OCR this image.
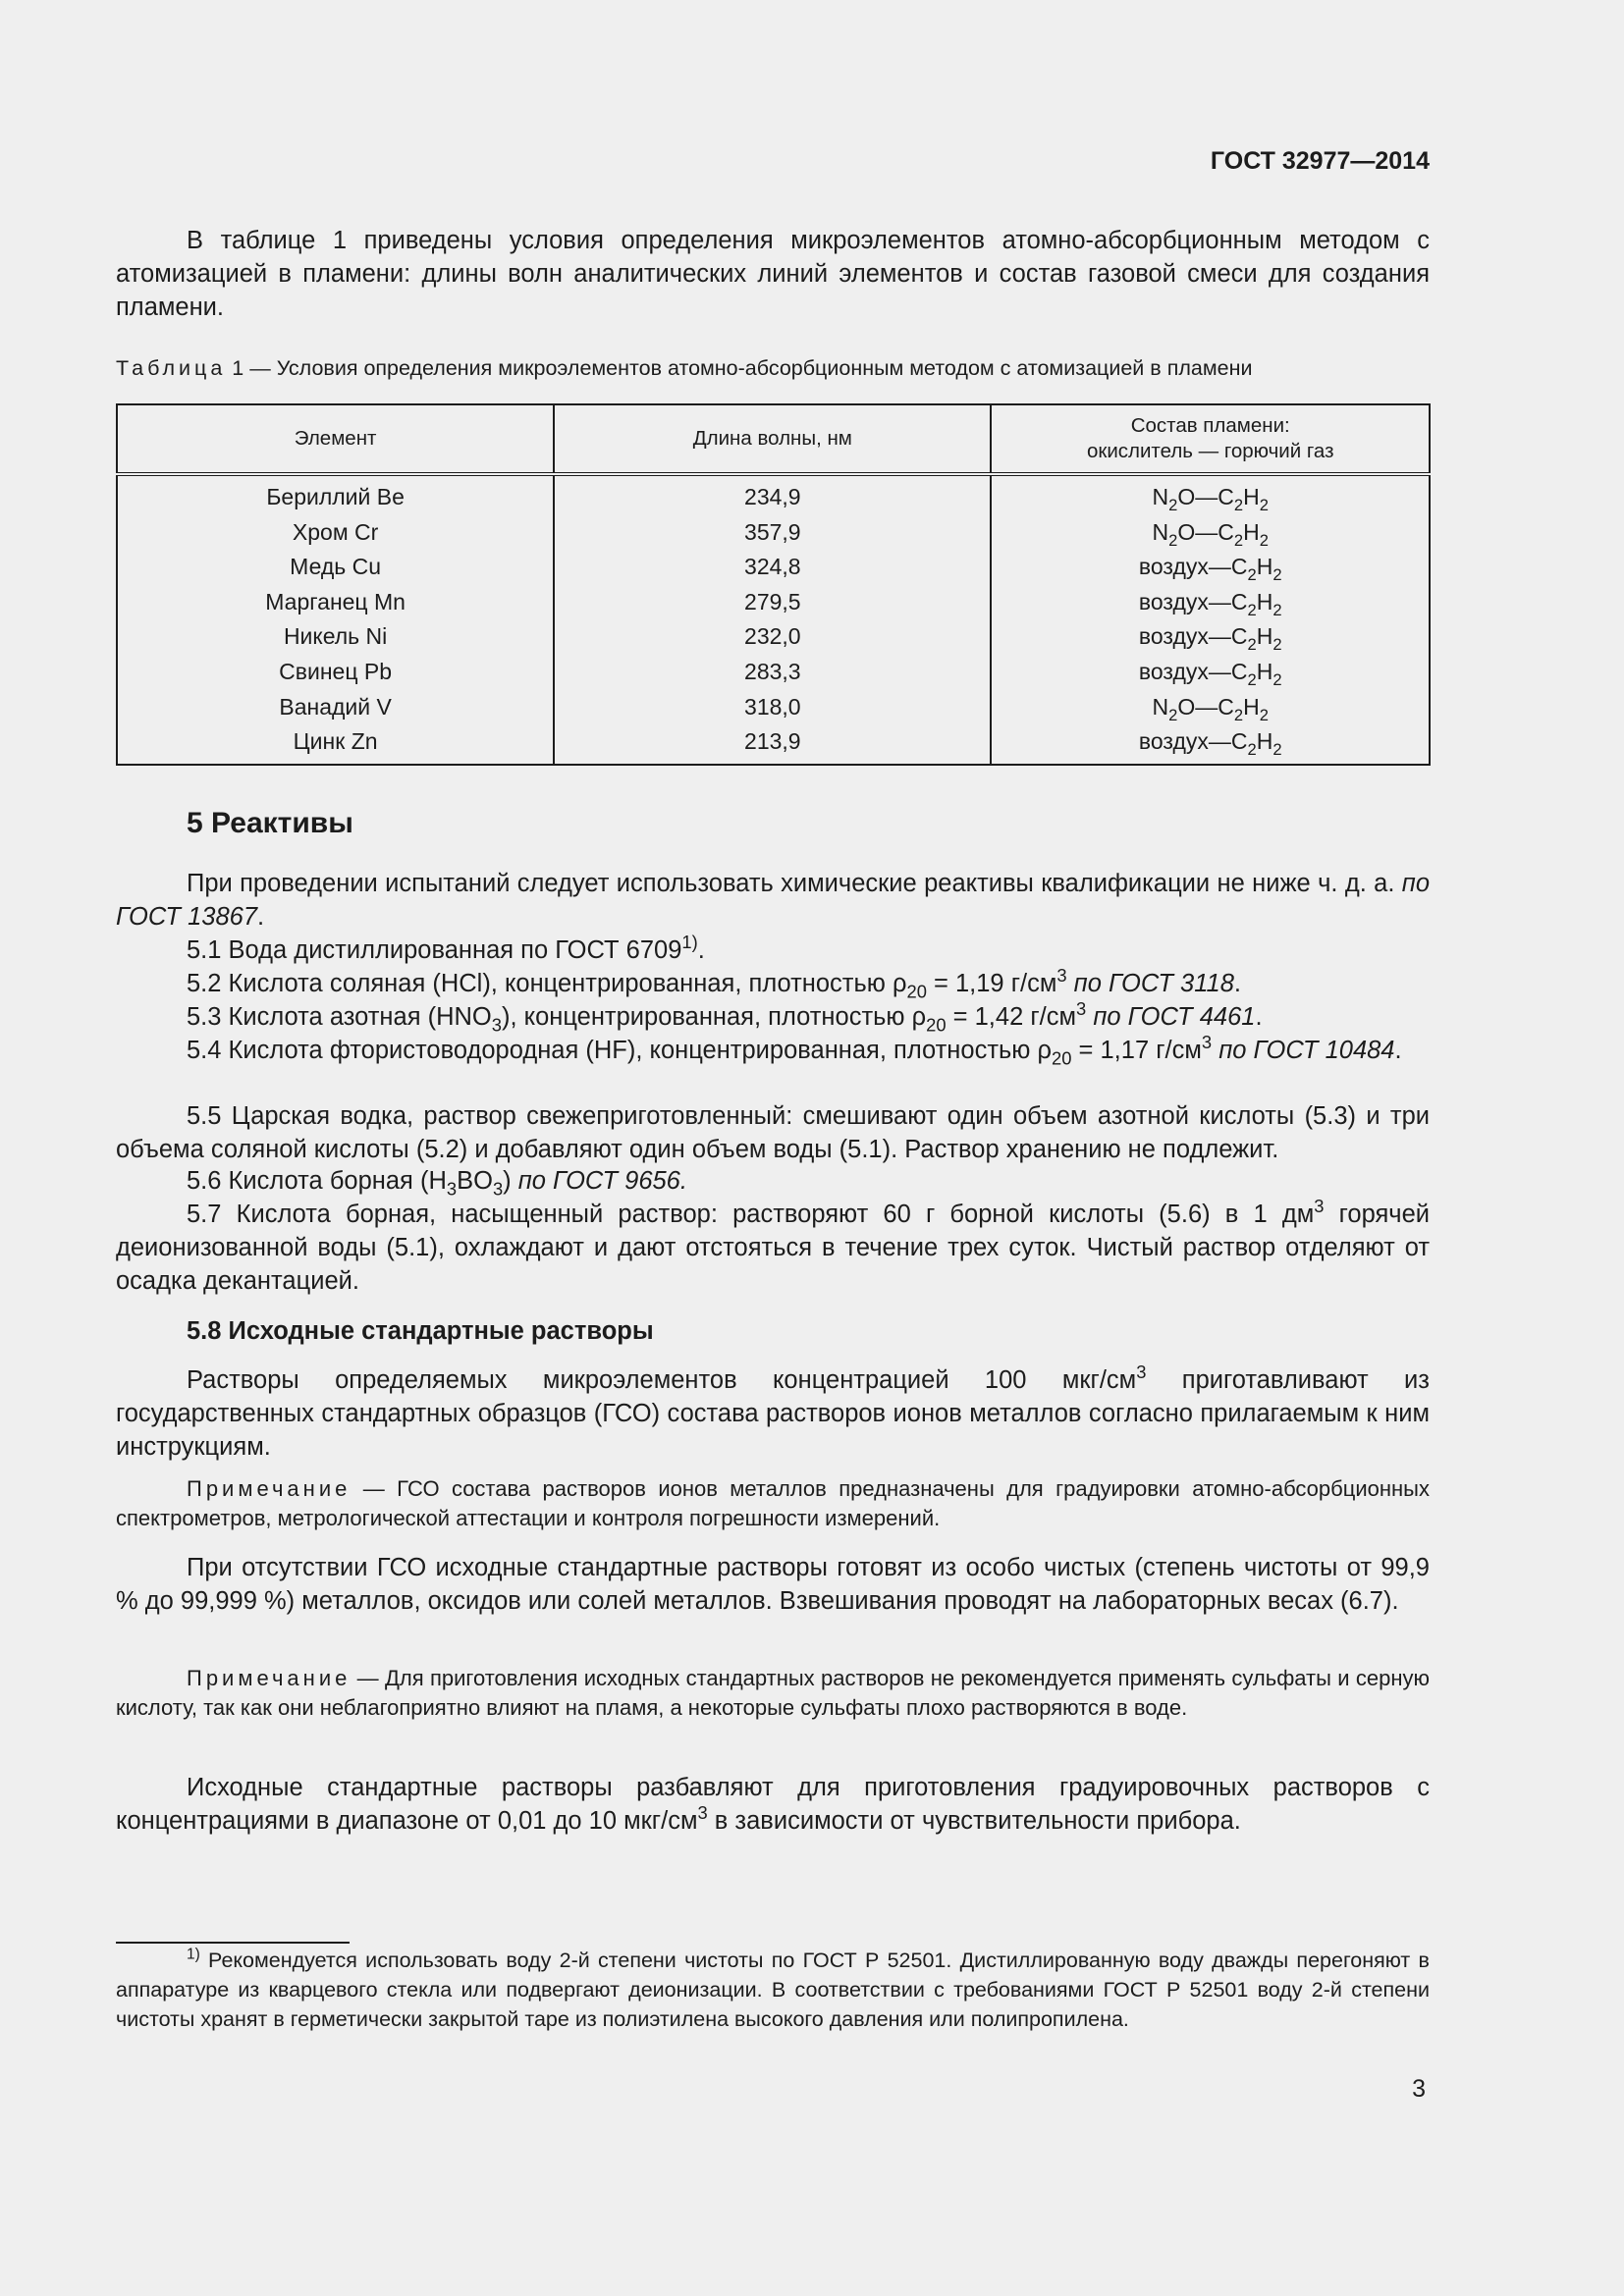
ГОСТ 32977—2014

В таблице 1 приведены условия определения микроэлементов атомно-абсорбционным методом с атомизацией в пламени: длины волн аналитических линий элементов и состав газовой смеси для создания пламени.

Таблица 1 — Условия определения микроэлементов атомно-абсорбционным методом с атомизацией в пламени
Элемент	Длина волны, нм	Состав пламени:
окислитель — горючий газ
Бериллий Be	234,9	$N_2O—C_2H_2$
Хром Cr	357,9	$N_2O—C_2H_2$
Медь Cu	324,8	$воздух—C_2H_2$
Марганец Mn	279,5	$воздух—C_2H_2$
Никель Ni	232,0	$воздух—C_2H_2$
Свинец Pb	283,3	$воздух—C_2H_2$
Ванадий V	318,0	$N_2O—C_2H_2$
Цинк Zn	213,9	$воздух—C_2H_2$
5 Реактивы

При проведении испытаний следует использовать химические реактивы квалификации не ниже ч. д. а. по ГОСТ 13867.

5.1 Вода дистиллированная по ГОСТ 6709$^{1)}$.

5.2 Кислота соляная (HCl), концентрированная, плотностью $\rho_{20} = 1,19$ $г/см^3$ по ГОСТ 3118.

5.3 Кислота азотная $(HNO_3)$, концентрированная, плотностью $\rho_{20} = 1,42$ $г/см^3$ по ГОСТ 4461.

5.4 Кислота фтористоводородная (HF), концентрированная, плотностью $\rho_{20} = 1,17$ $г/см^3$ по ГОСТ 10484.

5.5 Царская водка, раствор свежеприготовленный: смешивают один объем азотной кислоты (5.3) и три объема соляной кислоты (5.2) и добавляют один объем воды (5.1). Раствор хранению не подлежит.

5.6 Кислота борная $(H_3BO_3)$ по ГОСТ 9656.

5.7 Кислота борная, насыщенный раствор: растворяют 60 г борной кислоты (5.6) в 1 $дм^3$ горячей деионизованной воды (5.1), охлаждают и дают отстояться в течение трех суток. Чистый раствор отделяют от осадка декантацией.

5.8 Исходные стандартные растворы

Растворы определяемых микроэлементов концентрацией 100 мкг/$см^3$ приготавливают из государственных стандартных образцов (ГСО) состава растворов ионов металлов согласно прилагаемым к ним инструкциям.

Примечание — ГСО состава растворов ионов металлов предназначены для градуировки атомно-абсорбционных спектрометров, метрологической аттестации и контроля погрешности измерений.

При отсутствии ГСО исходные стандартные растворы готовят из особо чистых (степень чистоты от 99,9 % до 99,999 %) металлов, оксидов или солей металлов. Взвешивания проводят на лабораторных весах (6.7).

Примечание — Для приготовления исходных стандартных растворов не рекомендуется применять сульфаты и серную кислоту, так как они неблагоприятно влияют на пламя, а некоторые сульфаты плохо растворяются в воде.

Исходные стандартные растворы разбавляют для приготовления градуировочных растворов с концентрациями в диапазоне от 0,01 до 10 мкг/$см^3$ в зависимости от чувствительности прибора.

$^{1)}$ Рекомендуется использовать воду 2-й степени чистоты по ГОСТ Р 52501. Дистиллированную воду дважды перегоняют в аппаратуре из кварцевого стекла или подвергают деионизации. В соответствии с требованиями ГОСТ Р 52501 воду 2-й степени чистоты хранят в герметически закрытой таре из полиэтилена высокого давления или полипропилена.

3
